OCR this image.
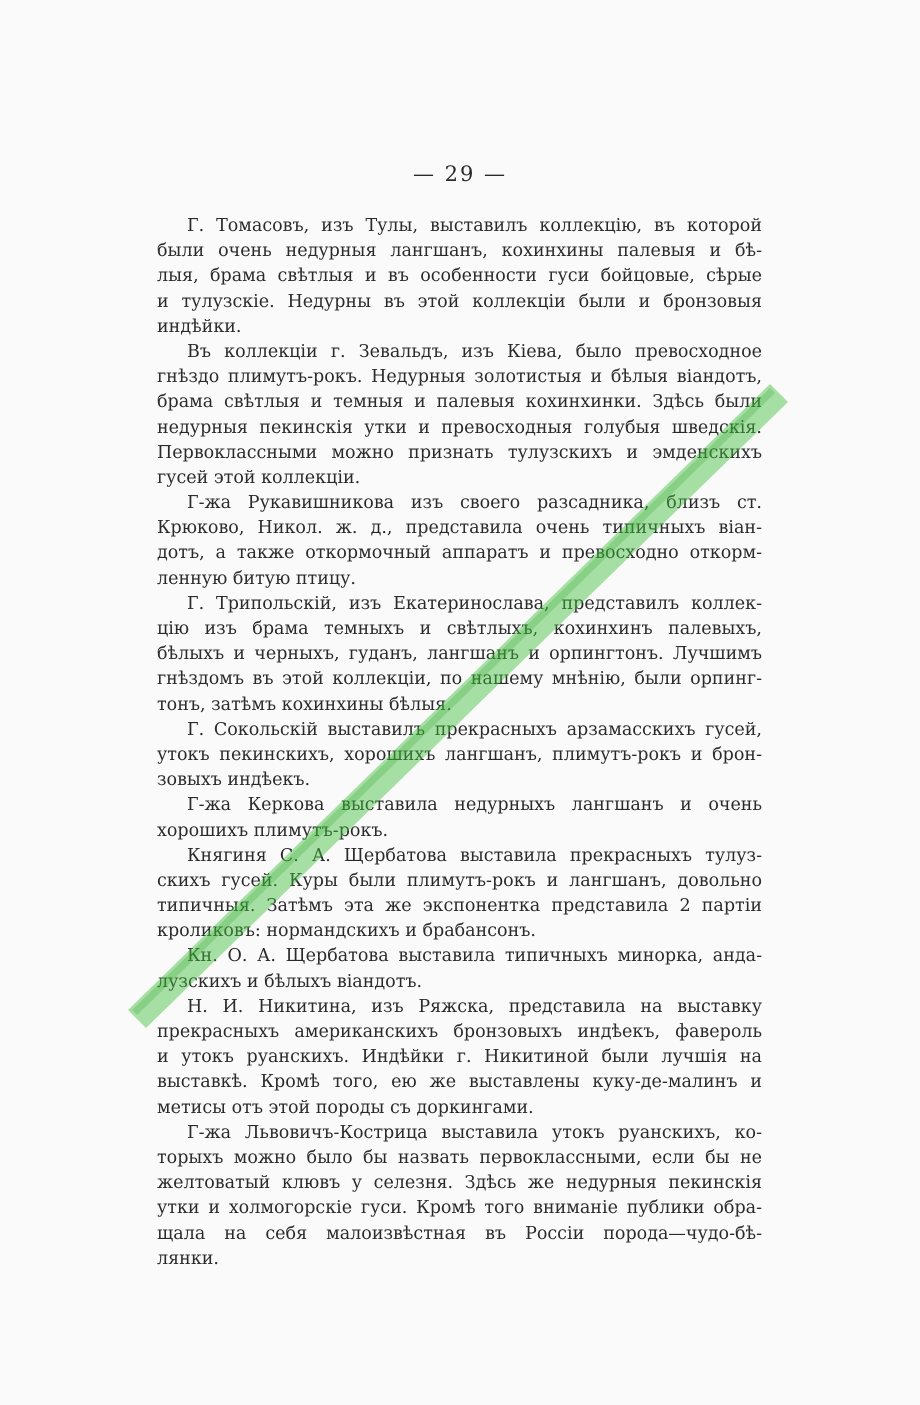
— 29 —
Г. Томасовъ, изъ Тулы, выставилъ коллекцію, въ которой
были очень недурныя лангшанъ, кохинхины палевыя и бѣ-
лыя, брама свѣтлыя и въ особенности гуси бойцовые, сѣрые
и тулузскіе. Недурны въ этой коллекціи были и бронзовыя
индѣйки.
Въ коллекціи г. Зевальдъ, изъ Кіева, было превосходное
гнѣздо плимутъ-рокъ. Недурныя золотистыя и бѣлыя віандотъ,
брама свѣтлыя и темныя и палевыя кохинхинки. Здѣсь были
недурныя пекинскія утки и превосходныя голубыя шведскія.
Первоклассными можно признать тулузскихъ и эмденскихъ
гусей этой коллекціи.
Г-жа Рукавишникова изъ своего разсадника, близъ ст.
Крюково, Никол. ж. д., представила очень типичныхъ віан-
дотъ, а также откормочный аппаратъ и превосходно откорм-
ленную битую птицу.
Г. Трипольскій, изъ Екатеринослава, представилъ коллек-
цію изъ брама темныхъ и свѣтлыхъ, кохинхинъ палевыхъ,
бѣлыхъ и черныхъ, гуданъ, лангшанъ и орпингтонъ. Лучшимъ
гнѣздомъ въ этой коллекціи, по нашему мнѣнію, были орпинг-
тонъ, затѣмъ кохинхины бѣлыя.
Г. Сокольскій выставилъ прекрасныхъ арзамасскихъ гусей,
утокъ пекинскихъ, хорошихъ лангшанъ, плимутъ-рокъ и брон-
зовыхъ индѣекъ.
Г-жа Керкова выставила недурныхъ лангшанъ и очень
хорошихъ плимутъ-рокъ.
Княгиня С. А. Щербатова выставила прекрасныхъ тулуз-
скихъ гусей. Куры были плимутъ-рокъ и лангшанъ, довольно
типичныя. Затѣмъ эта же экспонентка представила 2 партіи
кроликовъ: нормандскихъ и брабансонъ.
Кн. О. А. Щербатова выставила типичныхъ минорка, анда-
лузскихъ и бѣлыхъ віандотъ.
Н. И. Никитина, изъ Ряжска, представила на выставку
прекрасныхъ американскихъ бронзовыхъ индѣекъ, фавероль
и утокъ руанскихъ. Индѣйки г. Никитиной были лучшія на
выставкѣ. Кромѣ того, ею же выставлены куку-де-малинъ и
метисы отъ этой породы съ доркингами.
Г-жа Львовичъ-Кострица выставила утокъ руанскихъ, ко-
торыхъ можно было бы назвать первоклассными, если бы не
желтоватый клювъ у селезня. Здѣсь же недурныя пекинскія
утки и холмогорскіе гуси. Кромѣ того вниманіе публики обра-
щала на себя малоизвѣстная въ Россіи порода—чудо-бѣ-
лянки.
